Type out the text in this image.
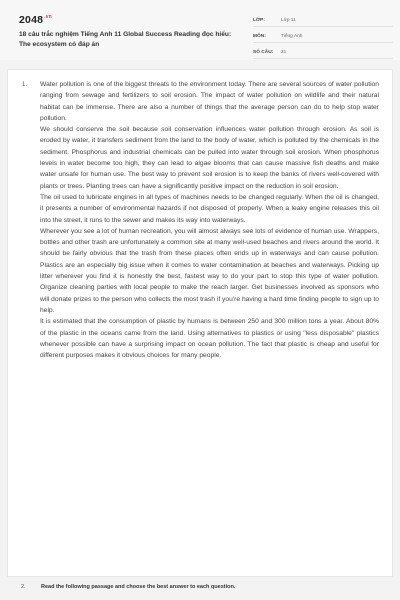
$2048^{.vn}$
18 câu trắc nghiệm Tiếng Anh 11 Global Success Reading đọc hiểu: The ecosystem có đáp án
LỚP:	Lớp 11
MÔN:	Tiếng Anh
SỐ CÂU:	21
1. Water pollution is one of the biggest threats to the environment today. There are several sources of water pollution ranging from sewage and fertilizers to soil erosion. The impact of water pollution on wildlife and their natural habitat can be immense. There are also a number of things that the average person can do to help stop water pollution.

We should conserve the soil because soil conservation influences water pollution through erosion. As soil is eroded by water, it transfers sediment from the land to the body of water, which is polluted by the chemicals in the sediment. Phosphorus and industrial chemicals can be pulled into water through soil erosion. When phosphorus levels in water become too high, they can lead to algae blooms that can cause massive fish deaths and make water unsafe for human use. The best way to prevent soil erosion is to keep the banks of rivers well-covered with plants or trees. Planting trees can have a significantly positive impact on the reduction in soil erosion.

The oil used to lubricate engines in all types of machines needs to be changed regularly. When the oil is changed, it presents a number of environmental hazards if not disposed of properly. When a leaky engine releases this oil into the street, it runs to the sewer and makes its way into waterways.

Wherever you see a lot of human recreation, you will almost always see lots of evidence of human use. Wrappers, bottles and other trash are unfortunately a common site at many well-used beaches and rivers around the world. It should be fairly obvious that the trash from these places often ends up in waterways and can cause pollution. Plastics are an especially big issue when it comes to water contamination at beaches and waterways. Picking up litter wherever you find it is honestly the best, fastest way to do your part to stop this type of water pollution. Organize cleaning parties with local people to make the reach larger. Get businesses involved as sponsors who will donate prizes to the person who collects the most trash if you're having a hard time finding people to sign up to help.

It is estimated that the consumption of plastic by humans is between 250 and 300 million tons a year. About 80% of the plastic in the oceans came from the land. Using alternatives to plastics or using "less disposable" plastics whenever possible can have a surprising impact on ocean pollution. The fact that plastic is cheap and useful for different purposes makes it obvious choices for many people.

2.	Read the following passage and choose the best answer to each question.
